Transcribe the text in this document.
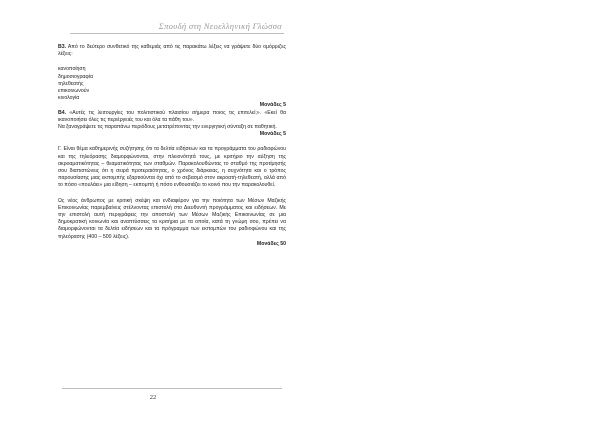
Σπουδή στη Νεοελληνική Γλώσσα

Β3. Από το δεύτερο συνθετικό της καθεμιάς από τις παρακάτω λέξεις να γράψετε δύο ομόρριζες λέξεις:

κανοποίηση
δημοσιογραφία
τηλεθεατής
επικοινωνούν
κινολογία
Μονάδες 5

Β4. «Αυτές τις λειτουργίες του πολιτιστικού πλαισίου σήμερα ποιος τις επιτελεί;». «Εκεί θα ικανοποιήσει όλες τις περιέργειές του και όλα τα πάθη του».

Να ξαναγράψετε τις παραπάνω περιόδους μετατρέποντας την ενεργητική σύνταξη σε παθητική.

Μονάδες 5

Γ. Είναι θέμα καθημερινής συζήτησης ότι τα δελτία ειδήσεων και τα προγράμματα του ραδιοφώνου και της τηλεόρασης διαμορφώνονται, στην πλειονότητά τους, με κριτήριο την αύξηση της ακροαματικότητας – θεαματικότητας των σταθμών. Παρακολουθώντας το σταθμό της προτίμησής σου διαπιστώνεις ότι η σειρά προτεραιότητας, ο χρόνος διάρκειας, η συχνότητα και ο τρόπος παρουσίασης μιας εκπομπής εξαρτιούνται όχι από το σεβασμό στον ακροατή-τηλεθεατή, αλλά από το πόσο «πουλάει» μια είδηση – εκπομπή ή πόσο ενθουσιάζει το κοινό που την παρακολουθεί.

Ως νέος άνθρωπος με κριτική σκέψη και ενδιαφέρον για την ποιότητα των Μέσων Μαζικής Επικοινωνίας παρεμβαίνεις στέλνοντας επιστολή στο Διευθυντή προγράμματος και ειδήσεων. Με την επιστολή αυτή περιγράφεις την αποστολή των Μέσων Μαζικής Επικοινωνίας σε μια δημοκρατική κοινωνία και αναπτύσσεις τα κριτήρια με τα οποία, κατά τη γνώμη σου, πρέπει να διαμορφώνονται τα δελτία ειδήσεων και τα πρόγραμμα των εκπομπών του ραδιοφώνου και της τηλεόρασης (400 – 500 λέξεις).

Μονάδες 50
22
